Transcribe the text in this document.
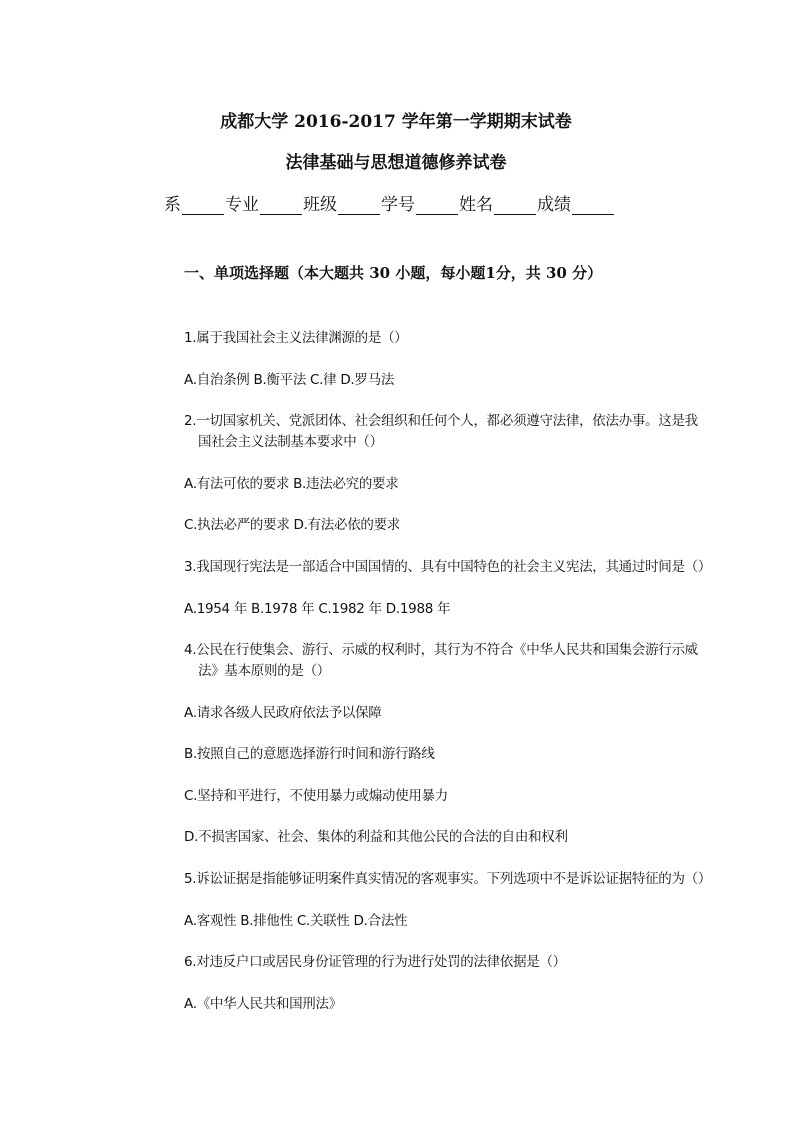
成都大学 2016-2017 学年第一学期期末试卷
法律基础与思想道德修养试卷
系	专业	班级	学号	姓名	成绩
一、单项选择题（本大题共 30 小题，每小题1分，共 30 分）
1.属于我国社会主义法律渊源的是（）
A.自治条例 B.衡平法 C.律 D.罗马法
2.一切国家机关、党派团体、社会组织和任何个人，都必须遵守法律，依法办事。这是我
国社会主义法制基本要求中（）
A.有法可依的要求 B.违法必究的要求
C.执法必严的要求 D.有法必依的要求
3.我国现行宪法是一部适合中国国情的、具有中国特色的社会主义宪法，其通过时间是（）
A.1954 年 B.1978 年 C.1982 年 D.1988 年
4.公民在行使集会、游行、示威的权利时，其行为不符合《中华人民共和国集会游行示威
法》基本原则的是（）
A.请求各级人民政府依法予以保障
B.按照自己的意愿选择游行时间和游行路线
C.坚持和平进行，不使用暴力或煽动使用暴力
D.不损害国家、社会、集体的利益和其他公民的合法的自由和权利
5.诉讼证据是指能够证明案件真实情况的客观事实。下列选项中不是诉讼证据特征的为（）
A.客观性 B.排他性 C.关联性 D.合法性
6.对违反户口或居民身份证管理的行为进行处罚的法律依据是（）
A.《中华人民共和国刑法》
